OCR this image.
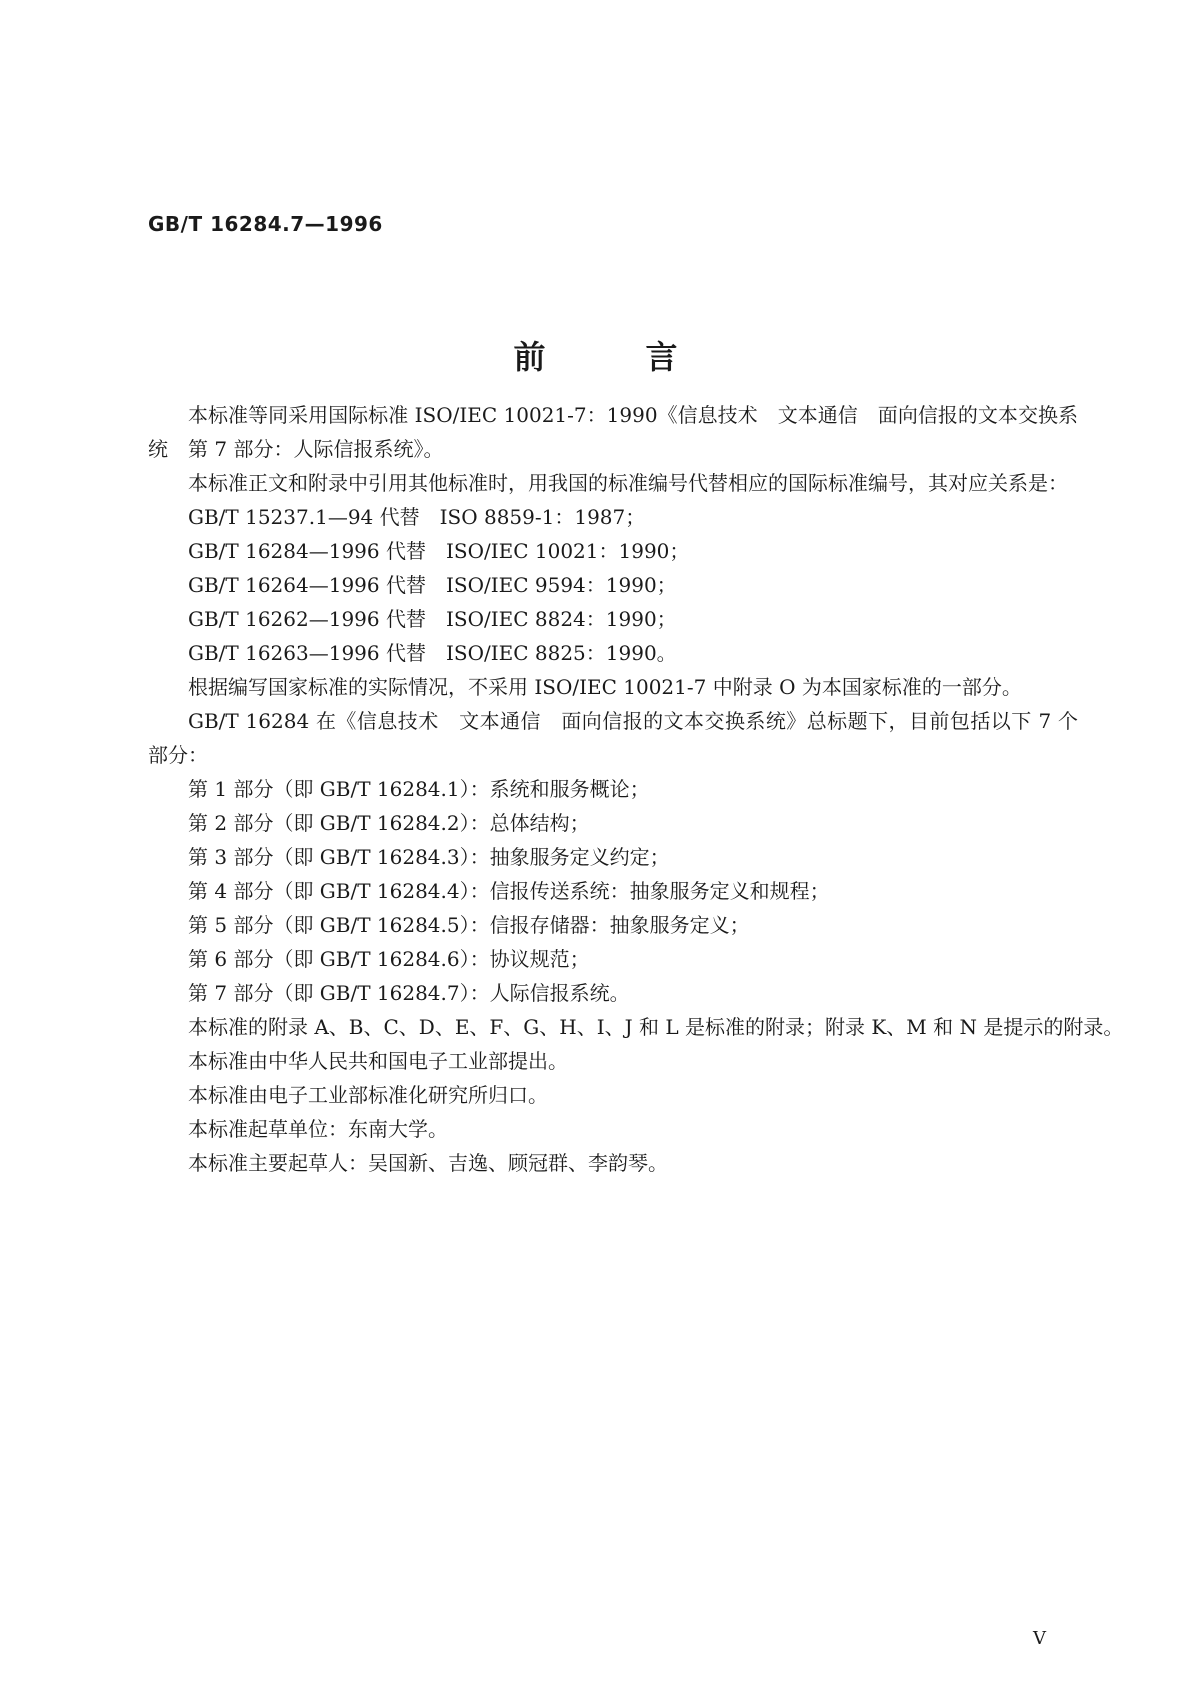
GB/T 16284.7—1996
前言

本标准等同采用国际标准 ISO/IEC 10021-7：1990《信息技术　文本通信　面向信报的文本交换系统　第 7 部分：人际信报系统》。

本标准正文和附录中引用其他标准时，用我国的标准编号代替相应的国际标准编号，其对应关系是：

GB/T 15237.1—94 代替　ISO 8859-1：1987；

GB/T 16284—1996 代替　ISO/IEC 10021：1990；

GB/T 16264—1996 代替　ISO/IEC 9594：1990；

GB/T 16262—1996 代替　ISO/IEC 8824：1990；

GB/T 16263—1996 代替　ISO/IEC 8825：1990。

根据编写国家标准的实际情况，不采用 ISO/IEC 10021-7 中附录 O 为本国家标准的一部分。

GB/T 16284 在《信息技术　文本通信　面向信报的文本交换系统》总标题下，目前包括以下 7 个部分：

第 1 部分（即 GB/T 16284.1）：系统和服务概论；

第 2 部分（即 GB/T 16284.2）：总体结构；

第 3 部分（即 GB/T 16284.3）：抽象服务定义约定；

第 4 部分（即 GB/T 16284.4）：信报传送系统：抽象服务定义和规程；

第 5 部分（即 GB/T 16284.5）：信报存储器：抽象服务定义；

第 6 部分（即 GB/T 16284.6）：协议规范；

第 7 部分（即 GB/T 16284.7）：人际信报系统。

本标准的附录 A、B、C、D、E、F、G、H、I、J 和 L 是标准的附录；附录 K、M 和 N 是提示的附录。

本标准由中华人民共和国电子工业部提出。

本标准由电子工业部标准化研究所归口。

本标准起草单位：东南大学。

本标准主要起草人：吴国新、吉逸、顾冠群、李韵琴。

V
